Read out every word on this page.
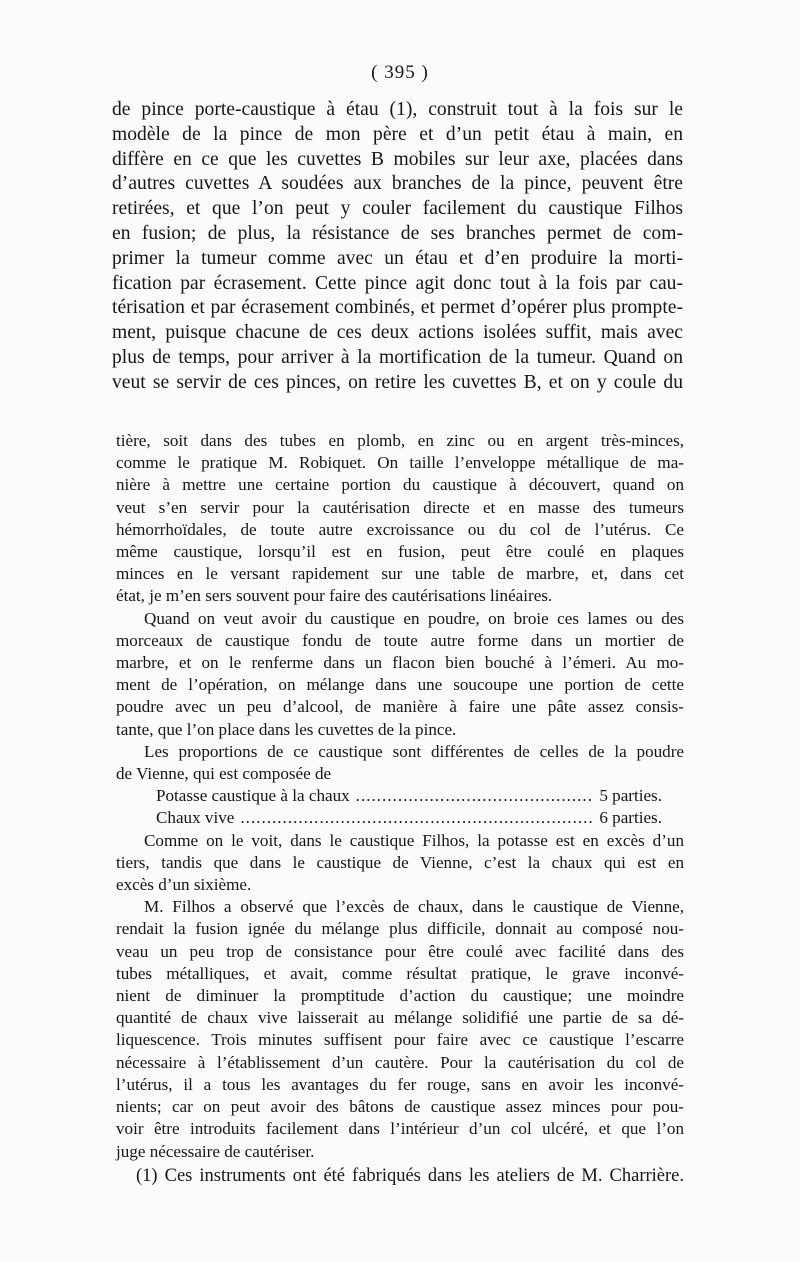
( 395 )

de pince porte-caustique à étau (1), construit tout à la fois sur le

modèle de la pince de mon père et d’un petit étau à main, en

diffère en ce que les cuvettes B mobiles sur leur axe, placées dans

d’autres cuvettes A soudées aux branches de la pince, peuvent être

retirées, et que l’on peut y couler facilement du caustique Filhos

en fusion; de plus, la résistance de ses branches permet de com-

primer la tumeur comme avec un étau et d’en produire la morti-

fication par écrasement. Cette pince agit donc tout à la fois par cau-

térisation et par écrasement combinés, et permet d’opérer plus prompte-

ment, puisque chacune de ces deux actions isolées suffit, mais avec

plus de temps, pour arriver à la mortification de la tumeur. Quand on

veut se servir de ces pinces, on retire les cuvettes B, et on y coule du

tière, soit dans des tubes en plomb, en zinc ou en argent très-minces,

comme le pratique M. Robiquet. On taille l’enveloppe métallique de ma-

nière à mettre une certaine portion du caustique à découvert, quand on

veut s’en servir pour la cautérisation directe et en masse des tumeurs

hémorrhoïdales, de toute autre excroissance ou du col de l’utérus. Ce

même caustique, lorsqu’il est en fusion, peut être coulé en plaques

minces en le versant rapidement sur une table de marbre, et, dans cet

état, je m’en sers souvent pour faire des cautérisations linéaires.

Quand on veut avoir du caustique en poudre, on broie ces lames ou des

morceaux de caustique fondu de toute autre forme dans un mortier de

marbre, et on le renferme dans un flacon bien bouché à l’émeri. Au mo-

ment de l’opération, on mélange dans une soucoupe une portion de cette

poudre avec un peu d’alcool, de manière à faire une pâte assez consis-

tante, que l’on place dans les cuvettes de la pince.

Les proportions de ce caustique sont différentes de celles de la poudre

de Vienne, qui est composée de

Potasse caustique à la chaux .....	5 parties.
Chaux vive .....	6 parties.

Comme on le voit, dans le caustique Filhos, la potasse est en excès d’un

tiers, tandis que dans le caustique de Vienne, c’est la chaux qui est en

excès d’un sixième.

M. Filhos a observé que l’excès de chaux, dans le caustique de Vienne,

rendait la fusion ignée du mélange plus difficile, donnait au composé nou-

veau un peu trop de consistance pour être coulé avec facilité dans des

tubes métalliques, et avait, comme résultat pratique, le grave inconvé-

nient de diminuer la promptitude d’action du caustique; une moindre

quantité de chaux vive laisserait au mélange solidifié une partie de sa dé-

liquescence. Trois minutes suffisent pour faire avec ce caustique l’escarre

nécessaire à l’établissement d’un cautère. Pour la cautérisation du col de

l’utérus, il a tous les avantages du fer rouge, sans en avoir les inconvé-

nients; car on peut avoir des bâtons de caustique assez minces pour pou-

voir être introduits facilement dans l’intérieur d’un col ulcéré, et que l’on

juge nécessaire de cautériser.

(1) Ces instruments ont été fabriqués dans les ateliers de M. Charrière.
